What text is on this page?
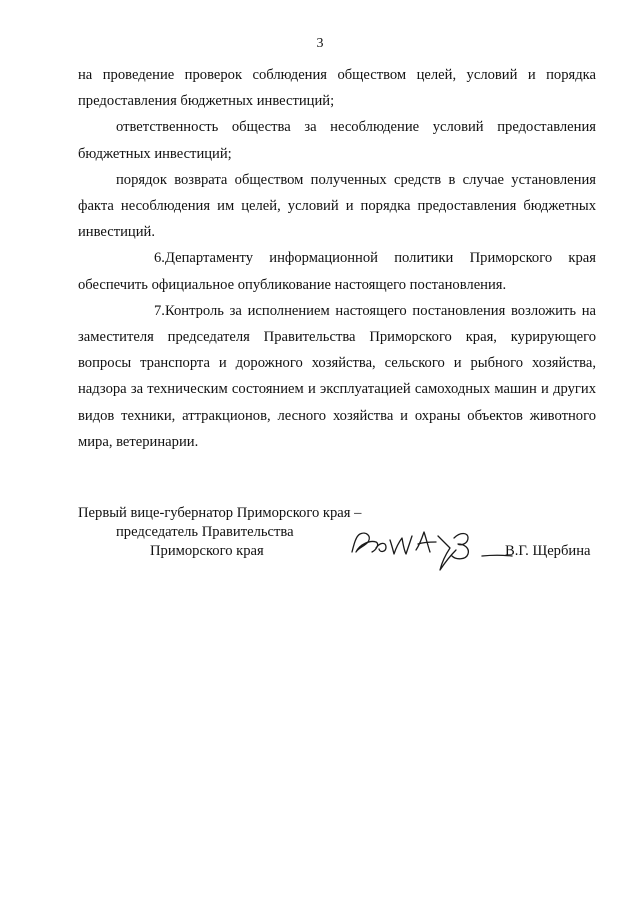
3

на проведение проверок соблюдения обществом целей, условий и порядка предоставления бюджетных инвестиций;

ответственность общества за несоблюдение условий предоставления бюджетных инвестиций;

порядок возврата обществом полученных средств в случае установления факта несоблюдения им целей, условий и порядка предоставления бюджетных инвестиций.

6.Департаменту информационной политики Приморского края обеспечить официальное опубликование настоящего постановления.

7.Контроль за исполнением настоящего постановления возложить на заместителя председателя Правительства Приморского края, курирующего вопросы транспорта и дорожного хозяйства, сельского и рыбного хозяйства, надзора за техническим состоянием и эксплуатацией самоходных машин и других видов техники, аттракционов, лесного хозяйства и охраны объектов животного мира, ветеринарии.

Первый вице-губернатор Приморского края –
председатель Правительства
Приморского края	В.Г. Щербина
